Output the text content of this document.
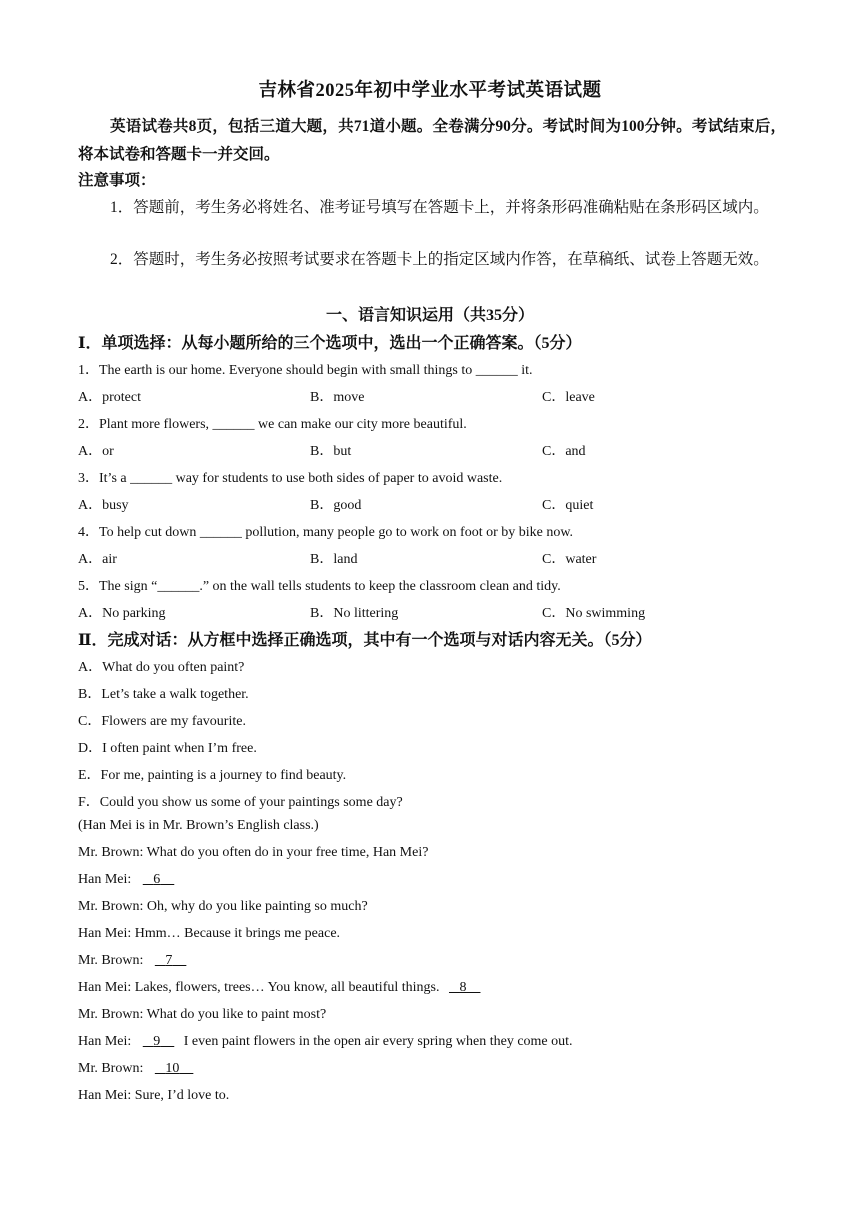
吉林省2025年初中学业水平考试英语试题
英语试卷共8页，包括三道大题，共71道小题。全卷满分90分。考试时间为100分钟。考试结束后，将本试卷和答题卡一并交回。
注意事项：
1．答题前，考生务必将姓名、准考证号填写在答题卡上，并将条形码准确粘贴在条形码区域内。
2．答题时，考生务必按照考试要求在答题卡上的指定区域内作答，在草稿纸、试卷上答题无效。
一、语言知识运用（共35分）
Ⅰ．单项选择：从每小题所给的三个选项中，选出一个正确答案。（5分）
1．The earth is our home. Everyone should begin with small things to ______ it.
A．protect	B．move	C．leave
2．Plant more flowers, ______ we can make our city more beautiful.
A．or	B．but	C．and
3．It’s a ______ way for students to use both sides of paper to avoid waste.
A．busy	B．good	C．quiet
4．To help cut down ______ pollution, many people go to work on foot or by bike now.
A．air	B．land	C．water
5．The sign “______.” on the wall tells students to keep the classroom clean and tidy.
A．No parking	B．No littering	C．No swimming
Ⅱ．完成对话：从方框中选择正确选项，其中有一个选项与对话内容无关。（5分）
A．What do you often paint?
B．Let’s take a walk together.
C．Flowers are my favourite.
D．I often paint when I’m free.
E．For me, painting is a journey to find beauty.
F．Could you show us some of your paintings some day?
(Han Mei is in Mr. Brown’s English class.)
Mr. Brown: What do you often do in your free time, Han Mei?
Han Mei: 6
Mr. Brown: Oh, why do you like painting so much?
Han Mei: Hmm… Because it brings me peace.
Mr. Brown: 7
Han Mei: Lakes, flowers, trees… You know, all beautiful things. 8
Mr. Brown: What do you like to paint most?
Han Mei: 9 I even paint flowers in the open air every spring when they come out.
Mr. Brown: 10
Han Mei: Sure, I’d love to.
